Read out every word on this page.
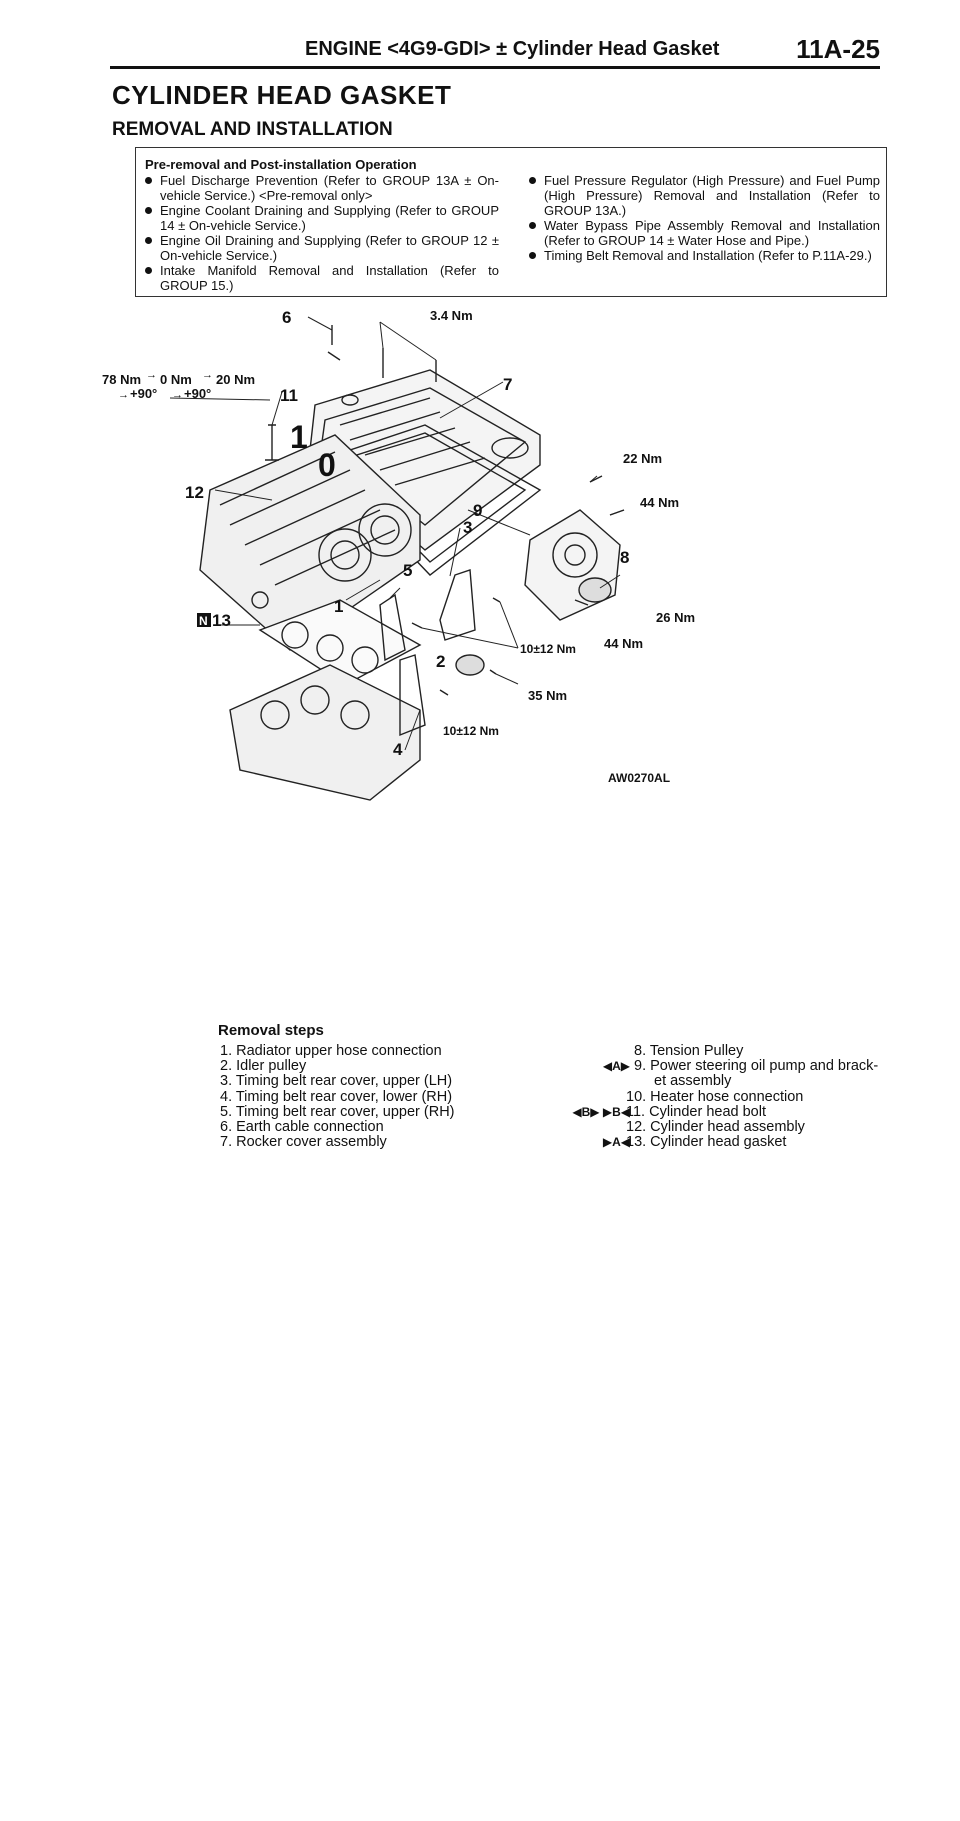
ENGINE <4G9-GDI> ± Cylinder Head Gasket	11A-25
CYLINDER HEAD GASKET
REMOVAL AND INSTALLATION
Pre-removal and Post-installation Operation
Fuel Discharge Prevention (Refer to GROUP 13A ± On-vehicle Service.) <Pre-removal only>
Engine Coolant Draining and Supplying (Refer to GROUP 14 ± On-vehicle Service.)
Engine Oil Draining and Supplying (Refer to GROUP 12 ± On-vehicle Service.)
Intake Manifold Removal and Installation (Refer to GROUP 15.)
Fuel Pressure Regulator (High Pressure) and Fuel Pump (High Pressure) Removal and Installation (Refer to GROUP 13A.)
Water Bypass Pipe Assembly Removal and Installation (Refer to GROUP 14 ± Water Hose and Pipe.)
Timing Belt Removal and Installation (Refer to P.11A-29.)
3.4 Nm
78 Nm 0 Nm 20 Nm
→	→
→ +90° → +90°
22 Nm
44 Nm
26 Nm
44 Nm
10±12 Nm
35 Nm
10±12 Nm
6
7
11
1
0
12
9
3
8
5
1
2
4
N 13
AW0270AL
Removal steps
1. Radiator upper hose connection
2. Idler pulley
3. Timing belt rear cover, upper (LH)
4. Timing belt rear cover, lower (RH)
5. Timing belt rear cover, upper (RH)
6. Earth cable connection
7. Rocker cover assembly
8. Tension Pulley
◀A▶ 9. Power steering oil pump and brack-
et assembly
10. Heater hose connection
◀B▶ ▶B◀
11. Cylinder head bolt
12. Cylinder head assembly
▶A◀
13. Cylinder head gasket
